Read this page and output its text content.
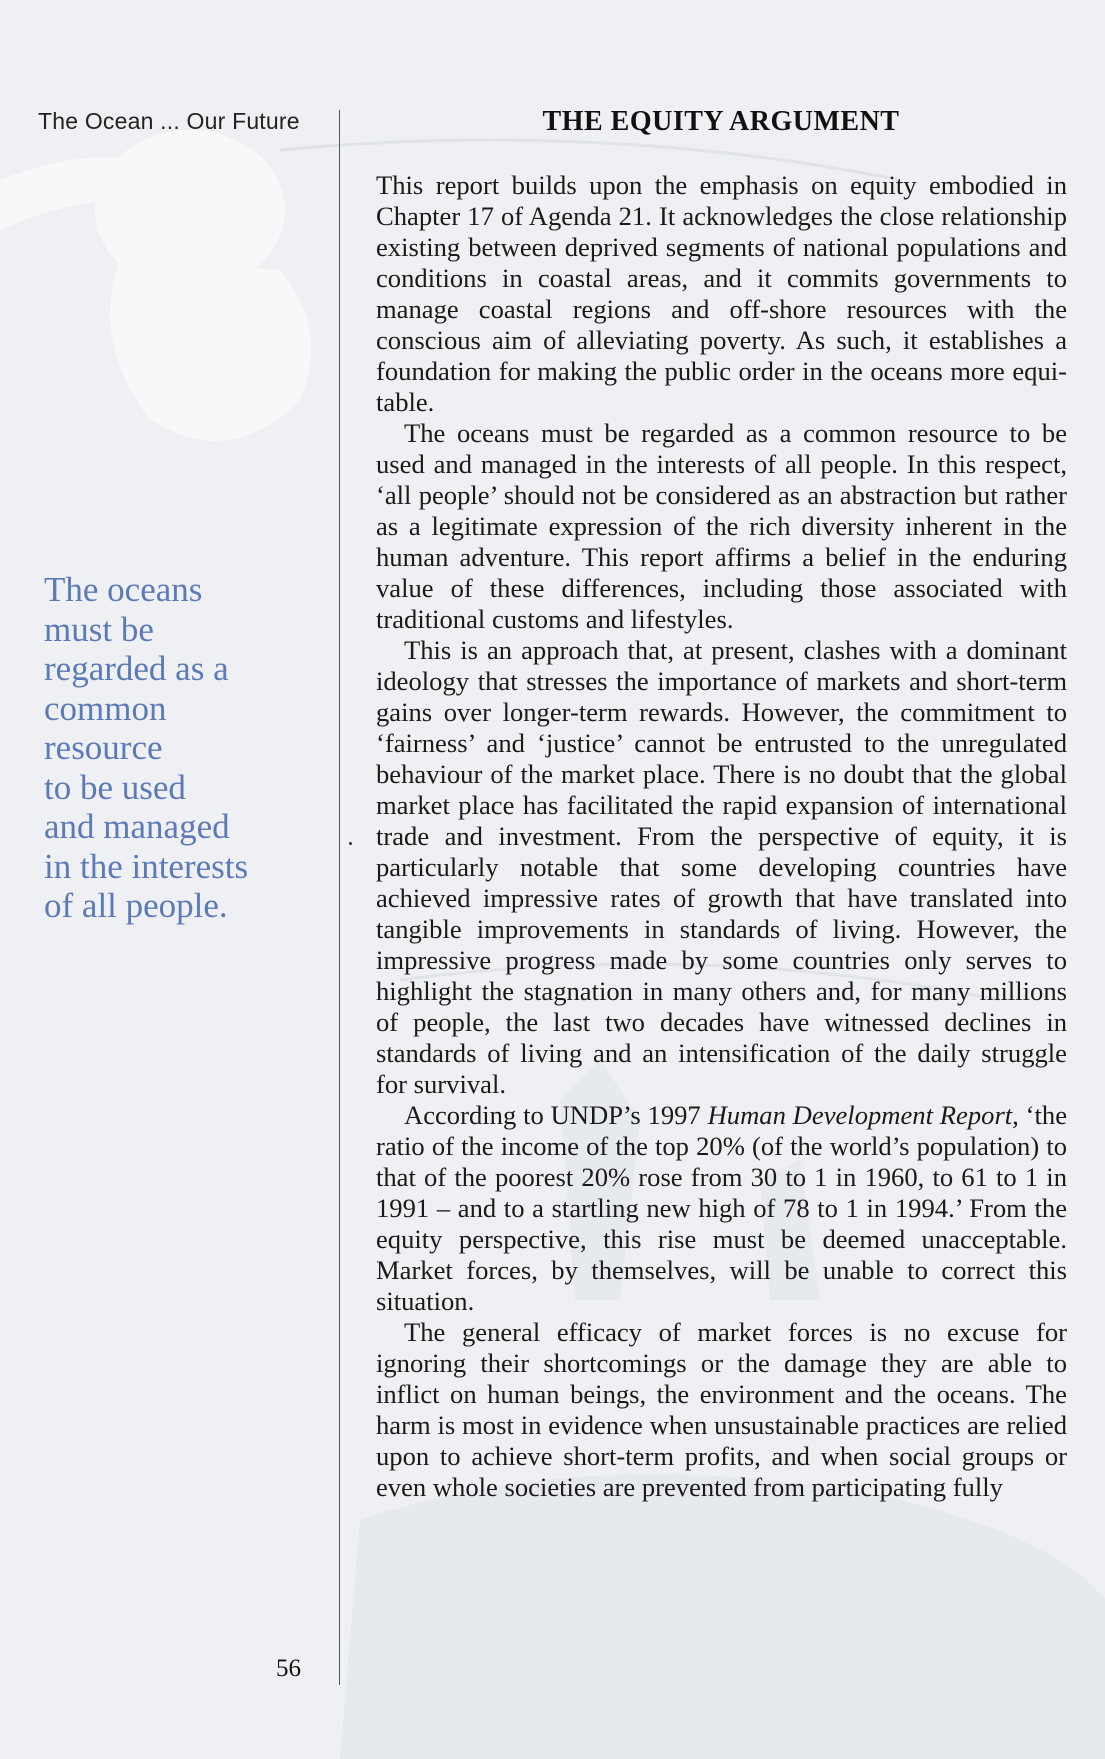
The Ocean ... Our Future
The oceans
must be
regarded as a
common
resource
to be used
and managed
in the interests
of all people.
56
THE EQUITY ARGUMENT

This report builds upon the emphasis on equity embodied in Chapter 17 of Agenda 21. It acknowledges the close relationship existing between deprived segments of national populations and conditions in coastal areas, and it commits governments to manage coastal regions and off-shore resources with the conscious aim of alleviating poverty. As such, it establishes a foundation for making the public order in the oceans more equi-table.

The oceans must be regarded as a common resource to be used and managed in the interests of all people. In this respect, ‘all people’ should not be considered as an abstraction but rather as a legitimate expression of the rich diversity inherent in the human adventure. This report affirms a belief in the enduring value of these differences, including those associated with traditional customs and lifestyles.

This is an approach that, at present, clashes with a dominant ideology that stresses the importance of markets and short-term gains over longer-term rewards. However, the commitment to ‘fairness’ and ‘justice’ cannot be entrusted to the unregulated behaviour of the market place. There is no doubt that the global market place has facilitated the rapid expansion of international trade and investment. From the perspective of equity, it is particularly notable that some developing countries have achieved impressive rates of growth that have translated into tangible improvements in standards of living. However, the impressive progress made by some countries only serves to highlight the stagnation in many others and, for many millions of people, the last two decades have witnessed declines in standards of living and an intensification of the daily struggle for survival.

According to UNDP’s 1997 Human Development Report, ‘the ratio of the income of the top 20% (of the world’s population) to that of the poorest 20% rose from 30 to 1 in 1960, to 61 to 1 in 1991 – and to a startling new high of 78 to 1 in 1994.’ From the equity perspective, this rise must be deemed unacceptable. Market forces, by themselves, will be unable to correct this situation.

The general efficacy of market forces is no excuse for ignoring their shortcomings or the damage they are able to inflict on human beings, the environment and the oceans. The harm is most in evidence when unsustainable practices are relied upon to achieve short-term profits, and when social groups or even whole societies are prevented from participating fully
